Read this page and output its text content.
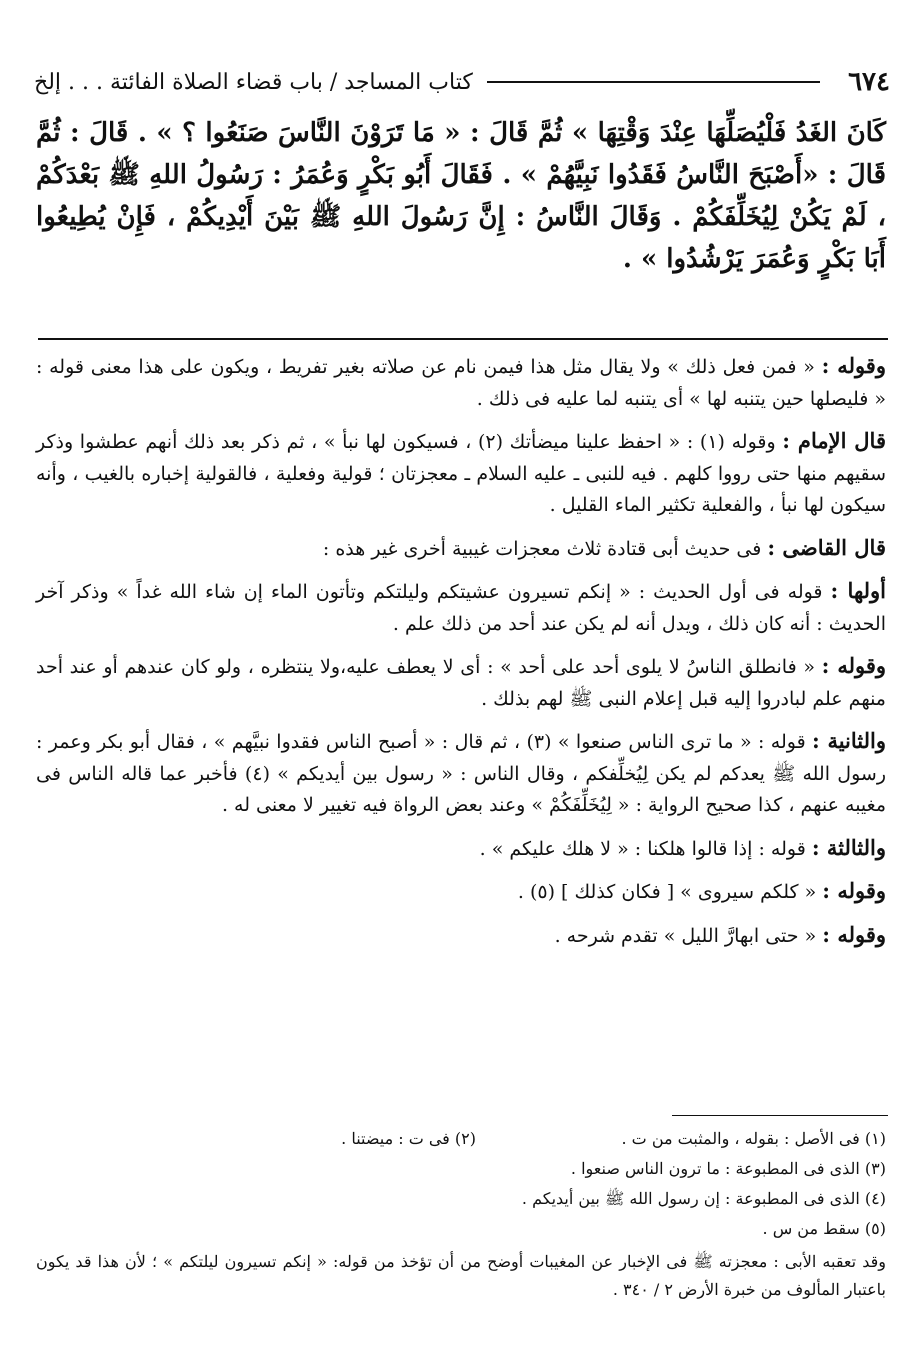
٦٧٤
كتاب المساجد / باب قضاء الصلاة الفائتة . . . إلخ

كَانَ الغَدُ فَلْيُصَلِّهَا عِنْدَ وَقْتِهَا » ثُمَّ قَالَ : « مَا تَرَوْنَ النَّاسَ صَنَعُوا ؟ » . قَالَ : ثُمَّ قَالَ : «أَصْبَحَ النَّاسُ فَقَدُوا نَبِيَّهُمْ » . فَقَالَ أَبُو بَكْرٍ وَعُمَرُ : رَسُولُ اللهِ ﷺ بَعْدَكُمْ ، لَمْ يَكُنْ لِيُخَلِّفَكُمْ . وَقَالَ النَّاسُ : إِنَّ رَسُولَ اللهِ ﷺ بَيْنَ أَيْدِيكُمْ ، فَإِنْ يُطِيعُوا أَبَا بَكْرٍ وَعُمَرَ يَرْشُدُوا » .

وقوله : « فمن فعل ذلك » ولا يقال مثل هذا فيمن نام عن صلاته بغير تفريط ، ويكون على هذا معنى قوله : « فليصلها حين يتنبه لها » أى يتنبه لما عليه فى ذلك .

قال الإمام : وقوله (١) : « احفظ علينا ميضأتك (٢) ، فسيكون لها نبأ » ، ثم ذكر بعد ذلك أنهم عطشوا وذكر سقيهم منها حتى رووا كلهم . فيه للنبى ـ عليه السلام ـ معجزتان ؛ قولية وفعلية ، فالقولية إخباره بالغيب ، وأنه سيكون لها نبأ ، والفعلية تكثير الماء القليل .

قال القاضى : فى حديث أبى قتادة ثلاث معجزات غيبية أخرى غير هذه :

أولها : قوله فى أول الحديث : « إنكم تسيرون عشيتكم وليلتكم وتأتون الماء إن شاء الله غداً » وذكر آخر الحديث : أنه كان ذلك ، ويدل أنه لم يكن عند أحد من ذلك علم .

وقوله : « فانطلق الناسُ لا يلوى أحد على أحد » : أى لا يعطف عليه،ولا ينتظره ، ولو كان عندهم أو عند أحد منهم علم لبادروا إليه قبل إعلام النبى ﷺ لهم بذلك .

والثانية : قوله : « ما ترى الناس صنعوا » (٣) ، ثم قال : « أصبح الناس فقدوا نبيَّهم » ، فقال أبو بكر وعمر : رسول الله ﷺ يعدكم لم يكن لِيُخلِّفكم ، وقال الناس : « رسول بين أيديكم » (٤) فأخبر عما قاله الناس فى مغيبه عنهم ، كذا صحيح الرواية : « لِيُخَلِّفَكُمْ » وعند بعض الرواة فيه تغيير لا معنى له .

والثالثة : قوله : إذا قالوا هلكنا : « لا هلك عليكم » .

وقوله : « كلكم سيروى » [ فكان كذلك ] (٥) .

وقوله : « حتى ابهارَّ الليل » تقدم شرحه .

(١) فى الأصل : بقوله ، والمثبت من ت .
(٢) فى ت : ميضتنا .

(٣) الذى فى المطبوعة : ما ترون الناس صنعوا .

(٤) الذى فى المطبوعة : إن رسول الله ﷺ بين أيديكم .

(٥) سقط من س .

وقد تعقبه الأبى : معجزته ﷺ فى الإخبار عن المغيبات أوضح من أن تؤخذ من قوله: « إنكم تسيرون ليلتكم » ؛ لأن هذا قد يكون باعتبار المألوف من خبرة الأرض ٢ / ٣٤٠ .
